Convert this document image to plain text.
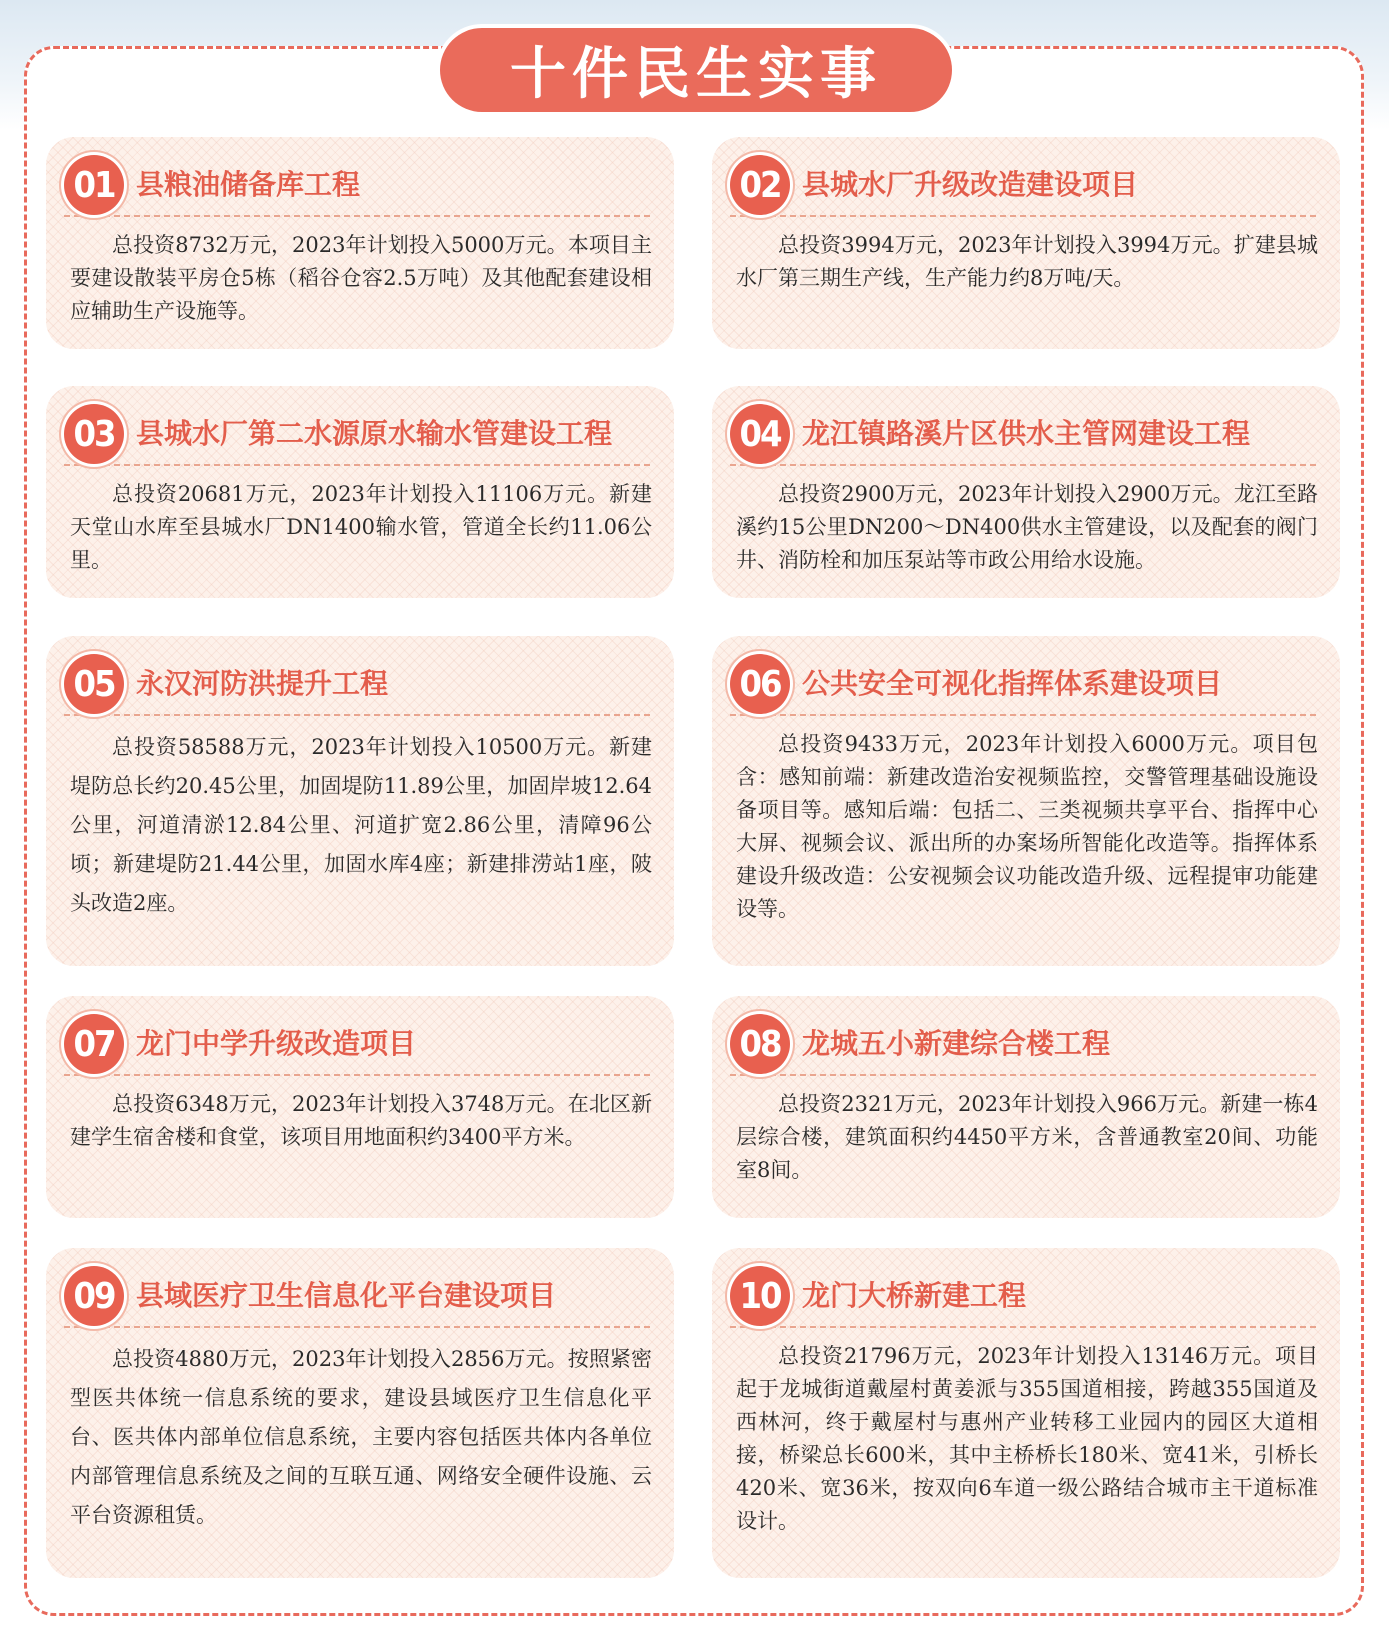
十件民生实事
01 县粮油储备库工程
总投资8732万元，2023年计划投入5000万元。本项目主要建设散装平房仓5栋（稻谷仓容2.5万吨）及其他配套建设相应辅助生产设施等。
02 县城水厂升级改造建设项目
总投资3994万元，2023年计划投入3994万元。扩建县城水厂第三期生产线，生产能力约8万吨/天。
03 县城水厂第二水源原水输水管建设工程
总投资20681万元，2023年计划投入11106万元。新建天堂山水库至县城水厂DN1400输水管，管道全长约11.06公里。
04 龙江镇路溪片区供水主管网建设工程
总投资2900万元，2023年计划投入2900万元。龙江至路溪约15公里DN200～DN400供水主管建设，以及配套的阀门井、消防栓和加压泵站等市政公用给水设施。
05 永汉河防洪提升工程
总投资58588万元，2023年计划投入10500万元。新建堤防总长约20.45公里，加固堤防11.89公里，加固岸坡12.64公里，河道清淤12.84公里、河道扩宽2.86公里，清障96公顷；新建堤防21.44公里，加固水库4座；新建排涝站1座，陂头改造2座。
06 公共安全可视化指挥体系建设项目
总投资9433万元，2023年计划投入6000万元。项目包含：感知前端：新建改造治安视频监控，交警管理基础设施设备项目等。感知后端：包括二、三类视频共享平台、指挥中心大屏、视频会议、派出所的办案场所智能化改造等。指挥体系建设升级改造：公安视频会议功能改造升级、远程提审功能建设等。
07 龙门中学升级改造项目
总投资6348万元，2023年计划投入3748万元。在北区新建学生宿舍楼和食堂，该项目用地面积约3400平方米。
08 龙城五小新建综合楼工程
总投资2321万元，2023年计划投入966万元。新建一栋4层综合楼，建筑面积约4450平方米，含普通教室20间、功能室8间。
09 县域医疗卫生信息化平台建设项目
总投资4880万元，2023年计划投入2856万元。按照紧密型医共体统一信息系统的要求，建设县域医疗卫生信息化平台、医共体内部单位信息系统，主要内容包括医共体内各单位内部管理信息系统及之间的互联互通、网络安全硬件设施、云平台资源租赁。
10 龙门大桥新建工程
总投资21796万元，2023年计划投入13146万元。项目起于龙城街道戴屋村黄姜派与355国道相接，跨越355国道及西林河，终于戴屋村与惠州产业转移工业园内的园区大道相接，桥梁总长600米，其中主桥桥长180米、宽41米，引桥长420米、宽36米，按双向6车道一级公路结合城市主干道标准设计。
